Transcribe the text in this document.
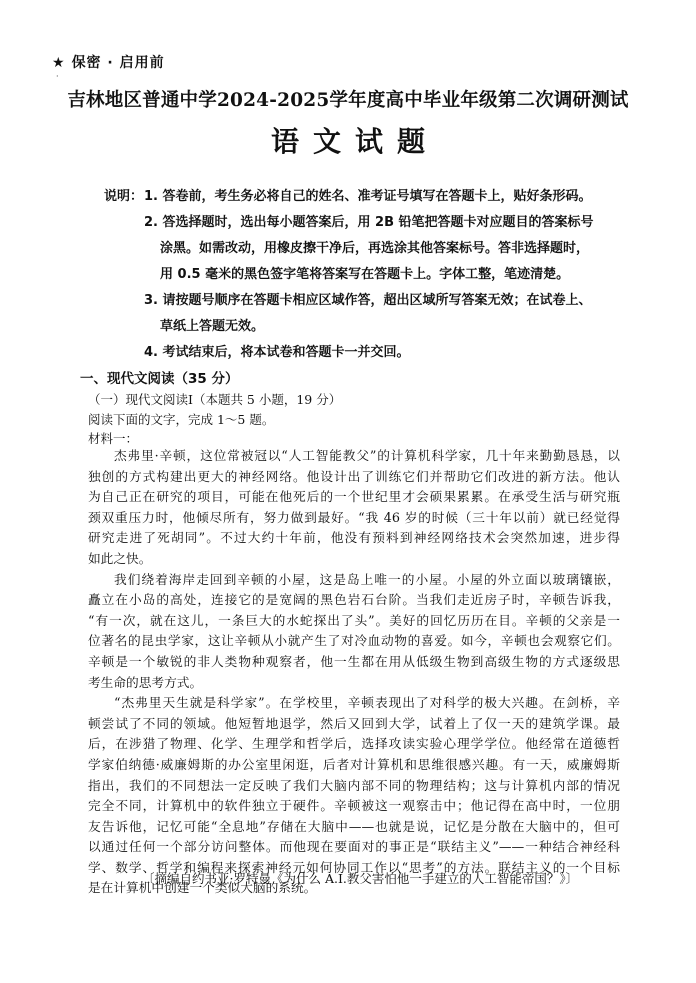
★ 保密 · 启用前
·
吉林地区普通中学2024-2025学年度高中毕业年级第二次调研测试
语文试题
说明： 1. 答卷前，考生务必将自己的姓名、准考证号填写在答题卡上，贴好条形码。
2. 答选择题时，选出每小题答案后，用 2B 铅笔把答题卡对应题目的答案标号
涂黑。如需改动，用橡皮擦干净后，再选涂其他答案标号。答非选择题时，
用 0.5 毫米的黑色签字笔将答案写在答题卡上。字体工整，笔迹清楚。
3. 请按题号顺序在答题卡相应区域作答，超出区域所写答案无效；在试卷上、
草纸上答题无效。
4. 考试结束后，将本试卷和答题卡一并交回。
一、现代文阅读（35 分）
（一）现代文阅读Ⅰ（本题共 5 小题，19 分）
阅读下面的文字，完成 1～5 题。
材料一：
杰弗里·辛顿，这位常被冠以“人工智能教父”的计算机科学家，几十年来勤勤恳恳，以
独创的方式构建出更大的神经网络。他设计出了训练它们并帮助它们改进的新方法。他认
为自己正在研究的项目，可能在他死后的一个世纪里才会硕果累累。在承受生活与研究瓶
颈双重压力时，他倾尽所有，努力做到最好。“我 46 岁的时候（三十年以前）就已经觉得
研究走进了死胡同”。不过大约十年前，他没有预料到神经网络技术会突然加速，进步得
如此之快。
我们绕着海岸走回到辛顿的小屋，这是岛上唯一的小屋。小屋的外立面以玻璃镶嵌，
矗立在小岛的高处，连接它的是宽阔的黑色岩石台阶。当我们走近房子时，辛顿告诉我，
“有一次，就在这儿，一条巨大的水蛇探出了头”。美好的回忆历历在目。辛顿的父亲是一
位著名的昆虫学家，这让辛顿从小就产生了对冷血动物的喜爱。如今，辛顿也会观察它们。
辛顿是一个敏锐的非人类物种观察者，他一生都在用从低级生物到高级生物的方式逐级思
考生命的思考方式。
“杰弗里天生就是科学家”。在学校里，辛顿表现出了对科学的极大兴趣。在剑桥，辛
顿尝试了不同的领域。他短暂地退学，然后又回到大学，试着上了仅一天的建筑学课。最
后，在涉猎了物理、化学、生理学和哲学后，选择攻读实验心理学学位。他经常在道德哲
学家伯纳德·威廉姆斯的办公室里闲逛，后者对计算机和思维很感兴趣。有一天，威廉姆斯
指出，我们的不同想法一定反映了我们大脑内部不同的物理结构；这与计算机内部的情况
完全不同，计算机中的软件独立于硬件。辛顿被这一观察击中；他记得在高中时，一位朋
友告诉他，记忆可能“全息地”存储在大脑中——也就是说，记忆是分散在大脑中的，但可
以通过任何一个部分访问整体。而他现在要面对的事正是“联结主义”——一种结合神经科
学、数学、哲学和编程来探索神经元如何协同工作以“思考”的方法。联结主义的一个目标
是在计算机中创建一个类似大脑的系统。
〔摘编自约书亚·罗特曼《为什么 A.I.教父害怕他一手建立的人工智能帝国？》〕
